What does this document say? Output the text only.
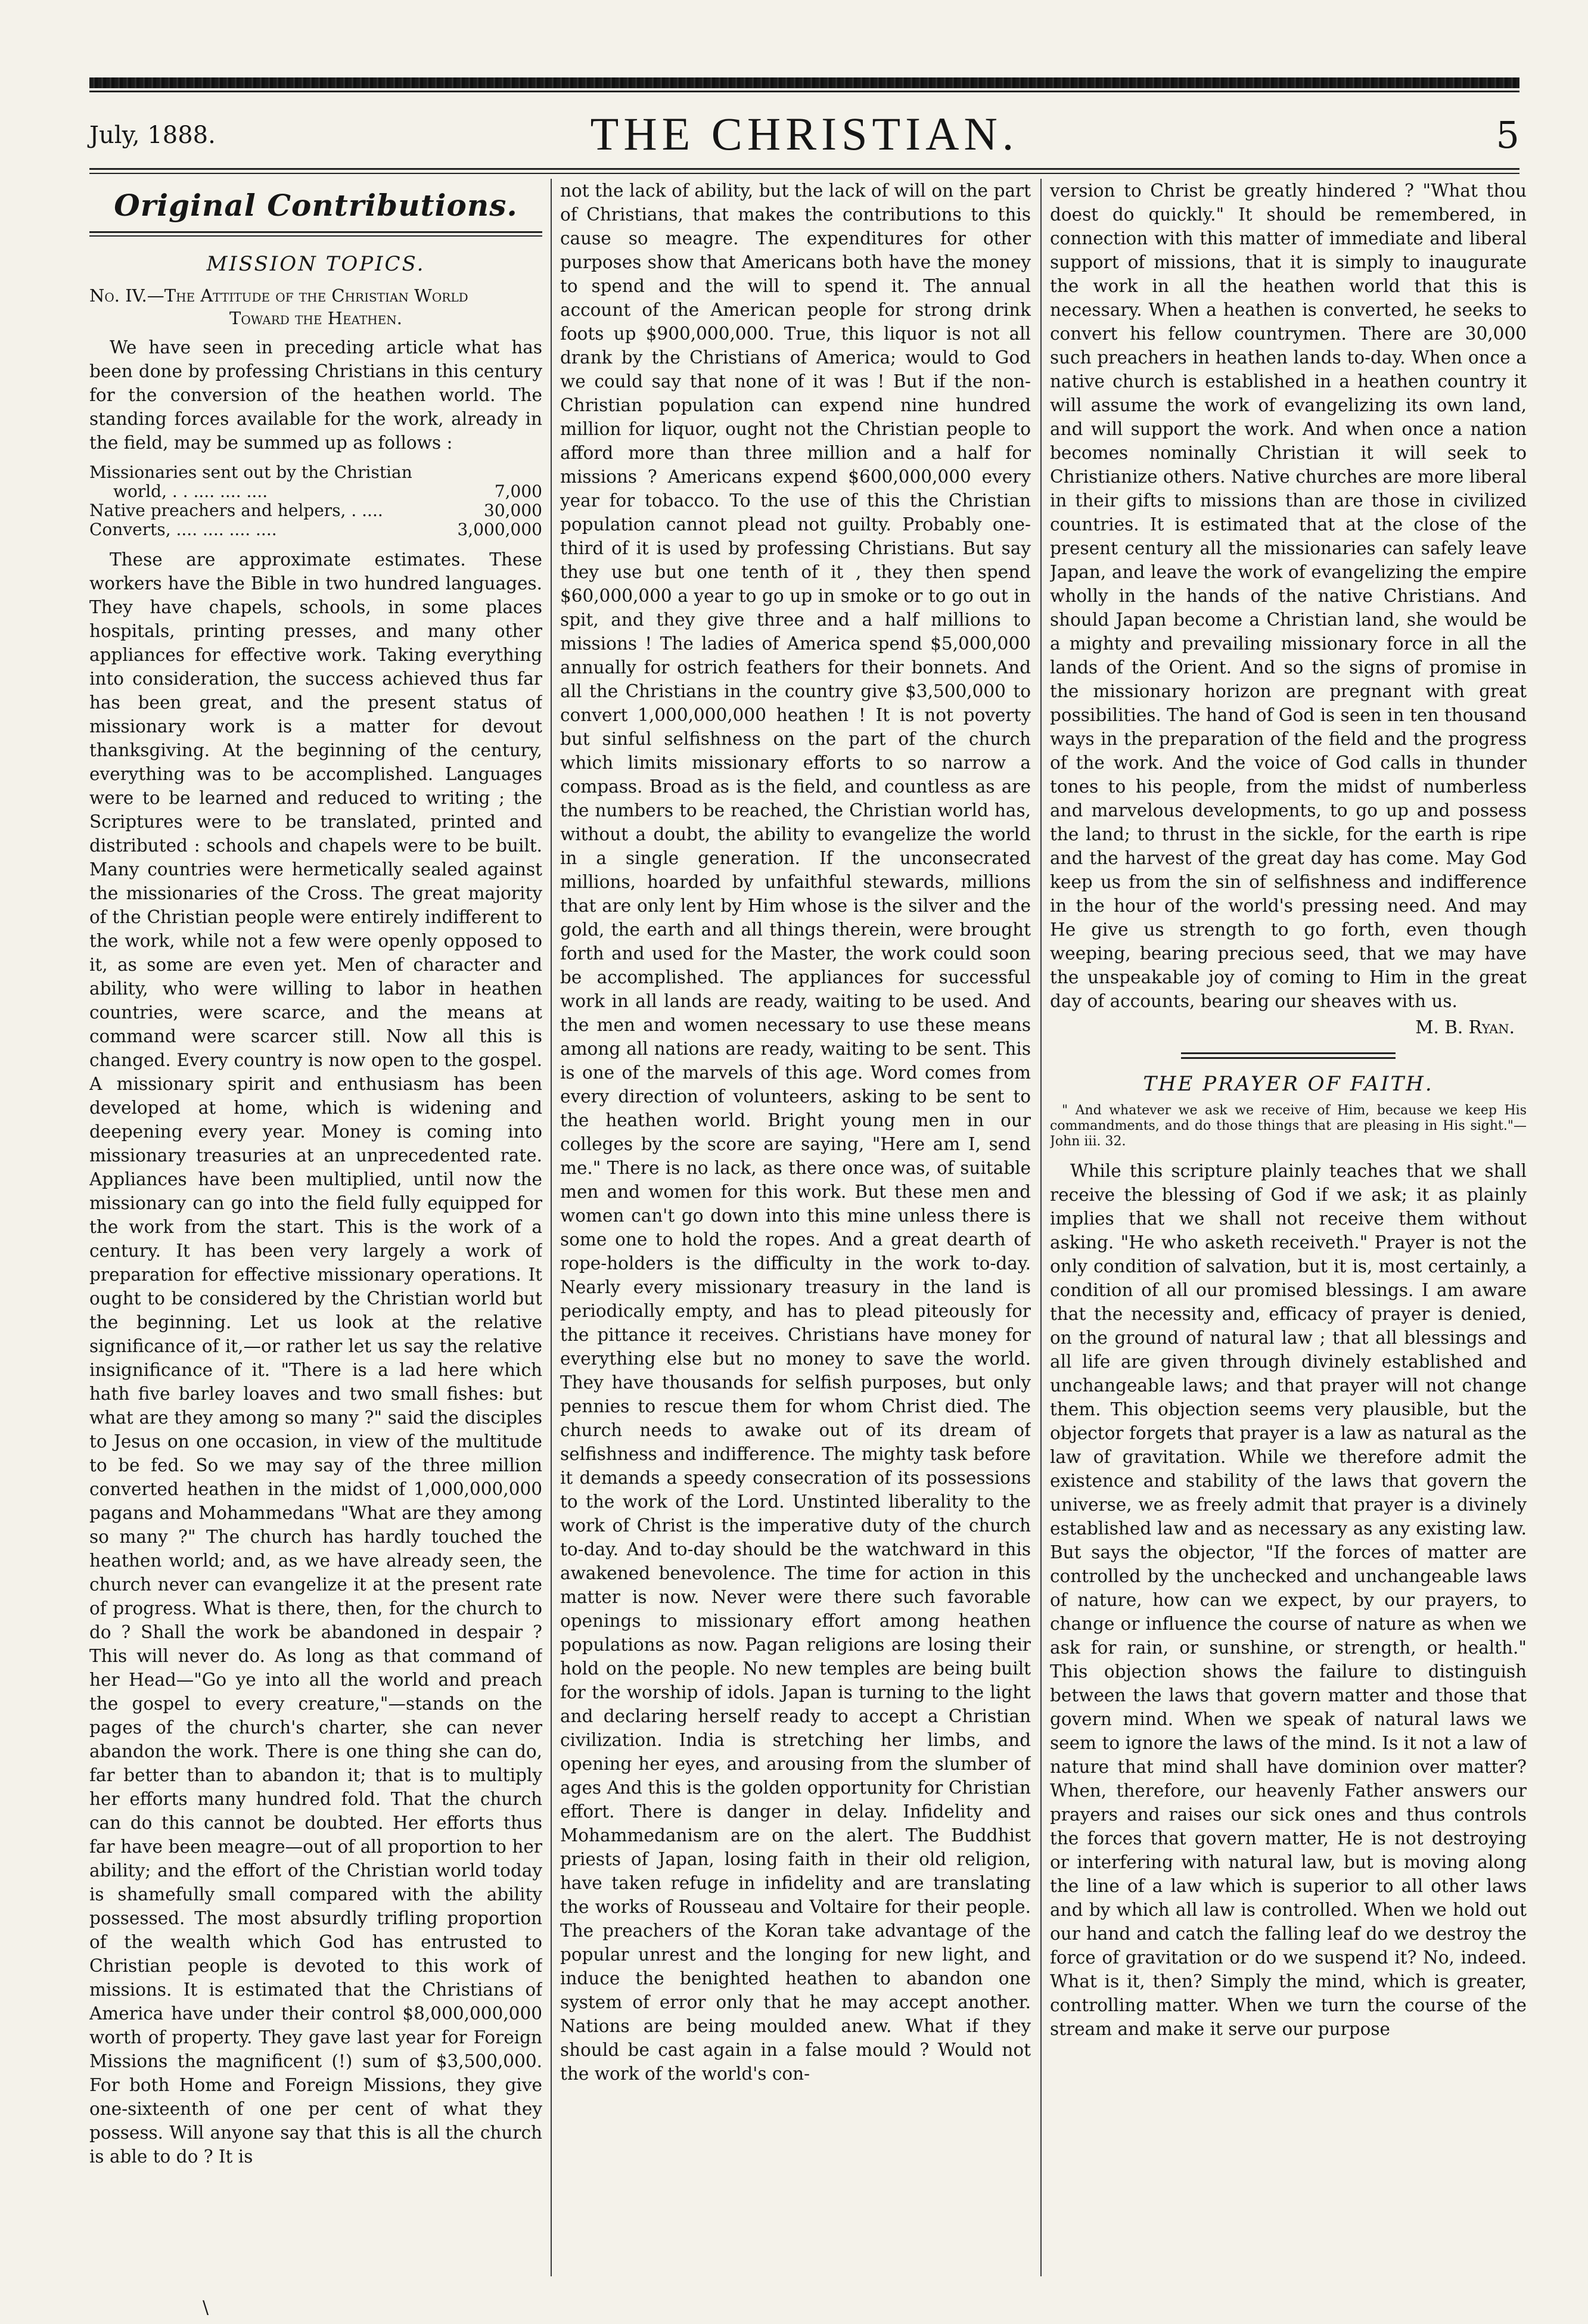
July, 1888.	THE CHRISTIAN.	5
Original Contributions.
MISSION TOPICS.
No. IV.—The Attitude of the Christian World
Toward the Heathen.

We have seen in preceding article what has been done by professing Christians in this century for the conversion of the heathen world. The standing forces available for the work, already in the field, may be summed up as follows :

Missionaries sent out by the Christian
world, . . .... .... ....	7,000
Native preachers and helpers, . ....	30,000
Converts, .... .... .... ....	3,000,000

These are approximate estimates. These workers have the Bible in two hundred languages. They have chapels, schools, in some places hospitals, printing presses, and many other appliances for effective work. Taking everything into consideration, the success achieved thus far has been great, and the present status of missionary work is a matter for devout thanksgiving. At the beginning of the century, everything was to be accomplished. Languages were to be learned and reduced to writing ; the Scriptures were to be translated, printed and distributed : schools and chapels were to be built. Many countries were hermetically sealed against the missionaries of the Cross. The great majority of the Christian people were entirely indifferent to the work, while not a few were openly opposed to it, as some are even yet. Men of character and ability, who were willing to labor in heathen countries, were scarce, and the means at command were scarcer still. Now all this is changed. Every country is now open to the gospel. A missionary spirit and enthusiasm has been developed at home, which is widening and deepening every year. Money is coming into missionary treasuries at an unprecedented rate. Appliances have been multiplied, until now the missionary can go into the field fully equipped for the work from the start. This is the work of a century. It has been very largely a work of preparation for effective missionary operations. It ought to be considered by the Christian world but the beginning. Let us look at the relative significance of it,—or rather let us say the relative insignificance of it. "There is a lad here which hath five barley loaves and two small fishes: but what are they among so many ?" said the disciples to Jesus on one occasion, in view of the multitude to be fed. So we may say of the three million converted heathen in the midst of 1,000,000,000 pagans and Mohammedans "What are they among so many ?" The church has hardly touched the heathen world; and, as we have already seen, the church never can evangelize it at the present rate of progress. What is there, then, for the church to do ? Shall the work be abandoned in despair ? This will never do. As long as that command of her Head—"Go ye into all the world and preach the gospel to every creature,"—stands on the pages of the church's charter, she can never abandon the work. There is one thing she can do, far better than to abandon it; that is to multiply her efforts many hundred fold. That the church can do this cannot be doubted. Her efforts thus far have been meagre—out of all proportion to her ability; and the effort of the Christian world today is shamefully small compared with the ability possessed. The most absurdly trifling proportion of the wealth which God has entrusted to Christian people is devoted to this work of missions. It is estimated that the Christians of America have under their control $8,000,000,000 worth of property. They gave last year for Foreign Missions the magnificent (!) sum of $3,500,000. For both Home and Foreign Missions, they give one-sixteenth of one per cent of what they possess. Will anyone say that this is all the church is able to do ? It is

not the lack of ability, but the lack of will on the part of Christians, that makes the contributions to this cause so meagre. The expenditures for other purposes show that Americans both have the money to spend and the will to spend it. The annual account of the American people for strong drink foots up $900,000,000. True, this liquor is not all drank by the Christians of America; would to God we could say that none of it was ! But if the non-Christian population can expend nine hundred million for liquor, ought not the Christian people to afford more than three million and a half for missions ? Americans expend $600,000,000 every year for tobacco. To the use of this the Christian population cannot plead not guilty. Probably one-third of it is used by professing Christians. But say they use but one tenth of it , they then spend $60,000,000 a year to go up in smoke or to go out in spit, and they give three and a half millions to missions ! The ladies of America spend $5,000,000 annually for ostrich feathers for their bonnets. And all the Christians in the country give $3,500,000 to convert 1,000,000,000 heathen ! It is not poverty but sinful selfishness on the part of the church which limits missionary efforts to so narrow a compass. Broad as is the field, and countless as are the numbers to be reached, the Christian world has, without a doubt, the ability to evangelize the world in a single generation. If the unconsecrated millions, hoarded by unfaithful stewards, millions that are only lent by Him whose is the silver and the gold, the earth and all things therein, were brought forth and used for the Master, the work could soon be accomplished. The appliances for successful work in all lands are ready, waiting to be used. And the men and women necessary to use these means among all nations are ready, waiting to be sent. This is one of the marvels of this age. Word comes from every direction of volunteers, asking to be sent to the heathen world. Bright young men in our colleges by the score are saying, "Here am I, send me." There is no lack, as there once was, of suitable men and women for this work. But these men and women can't go down into this mine unless there is some one to hold the ropes. And a great dearth of rope-holders is the difficulty in the work to-day. Nearly every missionary treasury in the land is periodically empty, and has to plead piteously for the pittance it receives. Christians have money for everything else but no money to save the world. They have thousands for selfish purposes, but only pennies to rescue them for whom Christ died. The church needs to awake out of its dream of selfishness and indifference. The mighty task before it demands a speedy consecration of its possessions to the work of the Lord. Unstinted liberality to the work of Christ is the imperative duty of the church to-day. And to-day should be the watchward in this awakened benevolence. The time for action in this matter is now. Never were there such favorable openings to missionary effort among heathen populations as now. Pagan religions are losing their hold on the people. No new temples are being built for the worship of idols. Japan is turning to the light and declaring herself ready to accept a Christian civilization. India is stretching her limbs, and opening her eyes, and arousing from the slumber of ages And this is the golden opportunity for Christian effort. There is danger in delay. Infidelity and Mohammedanism are on the alert. The Buddhist priests of Japan, losing faith in their old religion, have taken refuge in infidelity and are translating the works of Rousseau and Voltaire for their people. The preachers of the Koran take advantage of the popular unrest and the longing for new light, and induce the benighted heathen to abandon one system of error only that he may accept another. Nations are being moulded anew. What if they should be cast again in a false mould ? Would not the work of the world's con-

version to Christ be greatly hindered ? "What thou doest do quickly." It should be remembered, in connection with this matter of immediate and liberal support of missions, that it is simply to inaugurate the work in all the heathen world that this is necessary. When a heathen is converted, he seeks to convert his fellow countrymen. There are 30,000 such preachers in heathen lands to-day. When once a native church is established in a heathen country it will assume the work of evangelizing its own land, and will support the work. And when once a nation becomes nominally Christian it will seek to Christianize others. Native churches are more liberal in their gifts to missions than are those in civilized countries. It is estimated that at the close of the present century all the missionaries can safely leave Japan, and leave the work of evangelizing the empire wholly in the hands of the native Christians. And should Japan become a Christian land, she would be a mighty and prevailing missionary force in all the lands of the Orient. And so the signs of promise in the missionary horizon are pregnant with great possibilities. The hand of God is seen in ten thousand ways in the preparation of the field and the progress of the work. And the voice of God calls in thunder tones to his people, from the midst of numberless and marvelous developments, to go up and possess the land; to thrust in the sickle, for the earth is ripe and the harvest of the great day has come. May God keep us from the sin of selfishness and indifference in the hour of the world's pressing need. And may He give us strength to go forth, even though weeping, bearing precious seed, that we may have the unspeakable joy of coming to Him in the great day of accounts, bearing our sheaves with us.

M. B. Ryan.

THE PRAYER OF FAITH.
" And whatever we ask we receive of Him, because we keep His commandments, and do those things that are pleasing in His sight."—John iii. 32.

While this scripture plainly teaches that we shall receive the blessing of God if we ask; it as plainly implies that we shall not receive them without asking. "He who asketh receiveth." Prayer is not the only condition of salvation, but it is, most certainly, a condition of all our promised blessings. I am aware that the necessity and, efficacy of prayer is denied, on the ground of natural law ; that all blessings and all life are given through divinely established and unchangeable laws; and that prayer will not change them. This objection seems very plausible, but the objector forgets that prayer is a law as natural as the law of gravitation. While we therefore admit the existence and stability of the laws that govern the universe, we as freely admit that prayer is a divinely established law and as necessary as any existing law. But says the objector, "If the forces of matter are controlled by the unchecked and unchangeable laws of nature, how can we expect, by our prayers, to change or influence the course of nature as when we ask for rain, or sunshine, or strength, or health." This objection shows the failure to distinguish between the laws that govern matter and those that govern mind. When we speak of natural laws we seem to ignore the laws of the mind. Is it not a law of nature that mind shall have dominion over matter? When, therefore, our heavenly Father answers our prayers and raises our sick ones and thus controls the forces that govern matter, He is not destroying or interfering with natural law, but is moving along the line of a law which is superior to all other laws and by which all law is controlled. When we hold out our hand and catch the falling leaf do we destroy the force of gravitation or do we suspend it? No, indeed. What is it, then? Simply the mind, which is greater, controlling matter. When we turn the course of the stream and make it serve our purpose

\
